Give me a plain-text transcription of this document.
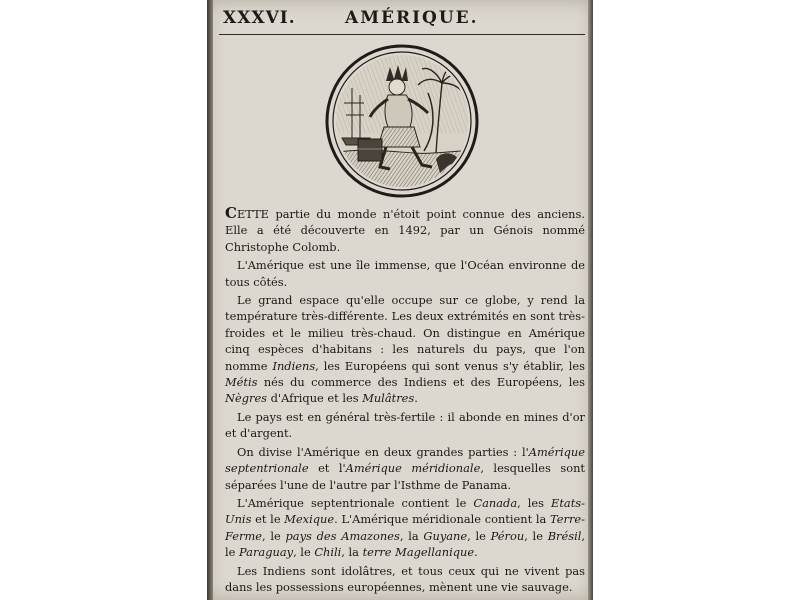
XXXVI.	AMÉRIQUE.

CETTE partie du monde n'étoit point connue des anciens. Elle a été découverte en 1492, par un Génois nommé Christophe Colomb.

L'Amérique est une île immense, que l'Océan environne de tous côtés.

Le grand espace qu'elle occupe sur ce globe, y rend la température très-différente. Les deux extrémités en sont très-froides et le milieu très-chaud. On distingue en Amérique cinq espèces d'habitans : les naturels du pays, que l'on nomme Indiens, les Européens qui sont venus s'y établir, les Métis nés du commerce des Indiens et des Européens, les Nègres d'Afrique et les Mulâtres.

Le pays est en général très-fertile : il abonde en mines d'or et d'argent.

On divise l'Amérique en deux grandes parties : l'Amérique septentrionale et l'Amérique méridionale, lesquelles sont séparées l'une de l'autre par l'Isthme de Panama.

L'Amérique septentrionale contient le Canada, les Etats-Unis et le Mexique. L'Amérique méridionale contient la Terre-Ferme, le pays des Amazones, la Guyane, le Pérou, le Brésil, le Paraguay, le Chili, la terre Magellanique.

Les Indiens sont idolâtres, et tous ceux qui ne vivent pas dans les possessions européennes, mènent une vie sauvage.
